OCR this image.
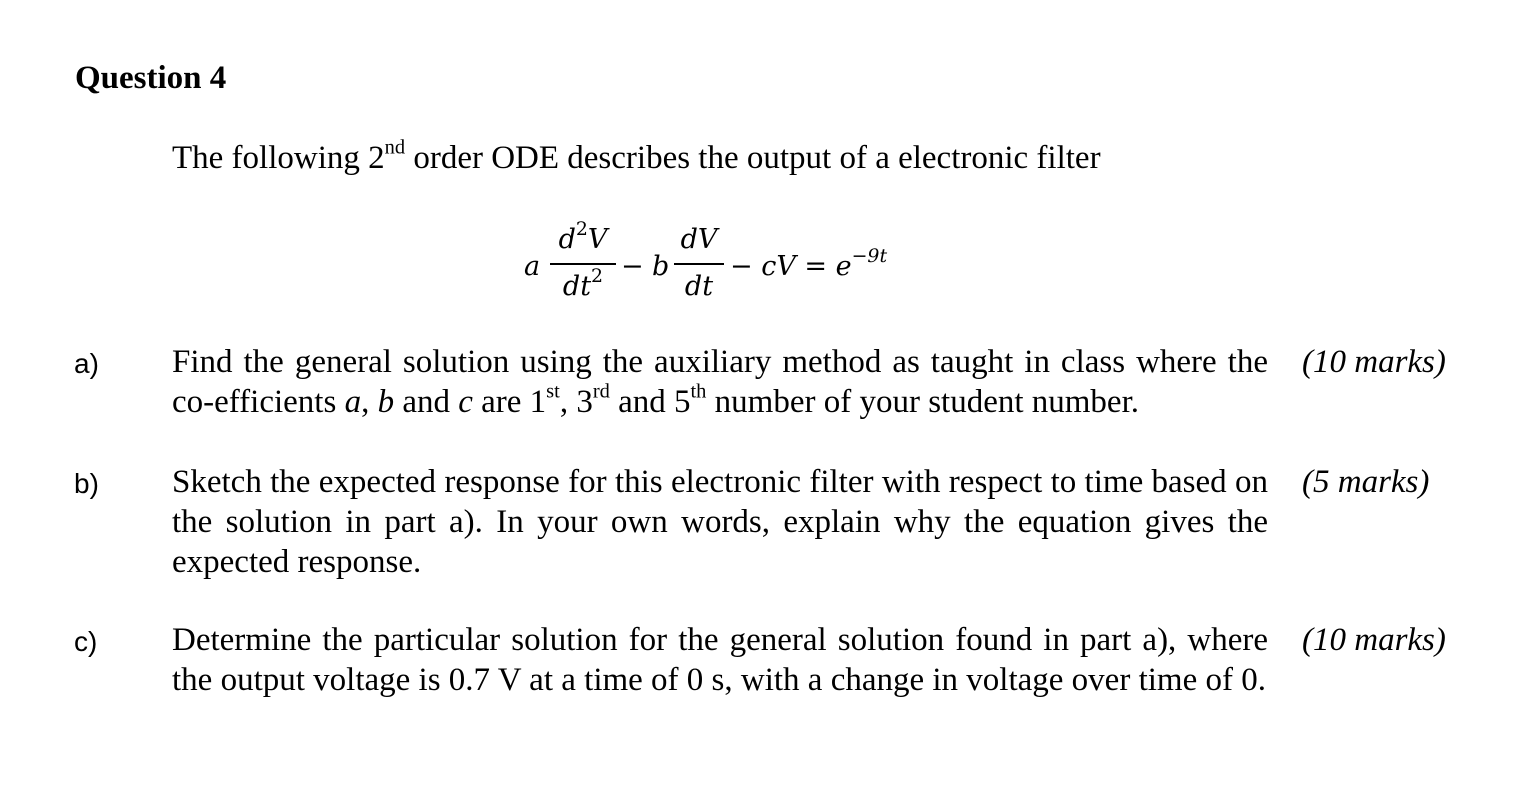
Question 4
The following 2nd order ODE describes the output of a electronic filter
a
$d^2V$
$dt^2 - b$
dV
dt
− cV = $e^{-9t}$
a) Find the general solution using the auxiliary method as taught in class where the co-efficients a, b and c are 1st, 3rd and 5th number of your student number.
(10 marks)
b) Sketch the expected response for this electronic filter with respect to time based on the solution in part a). In your own words, explain why the equation gives the expected response.
(5 marks)
c) Determine the particular solution for the general solution found in part a), where the output voltage is 0.7 V at a time of 0 s, with a change in voltage over time of 0.
(10 marks)
